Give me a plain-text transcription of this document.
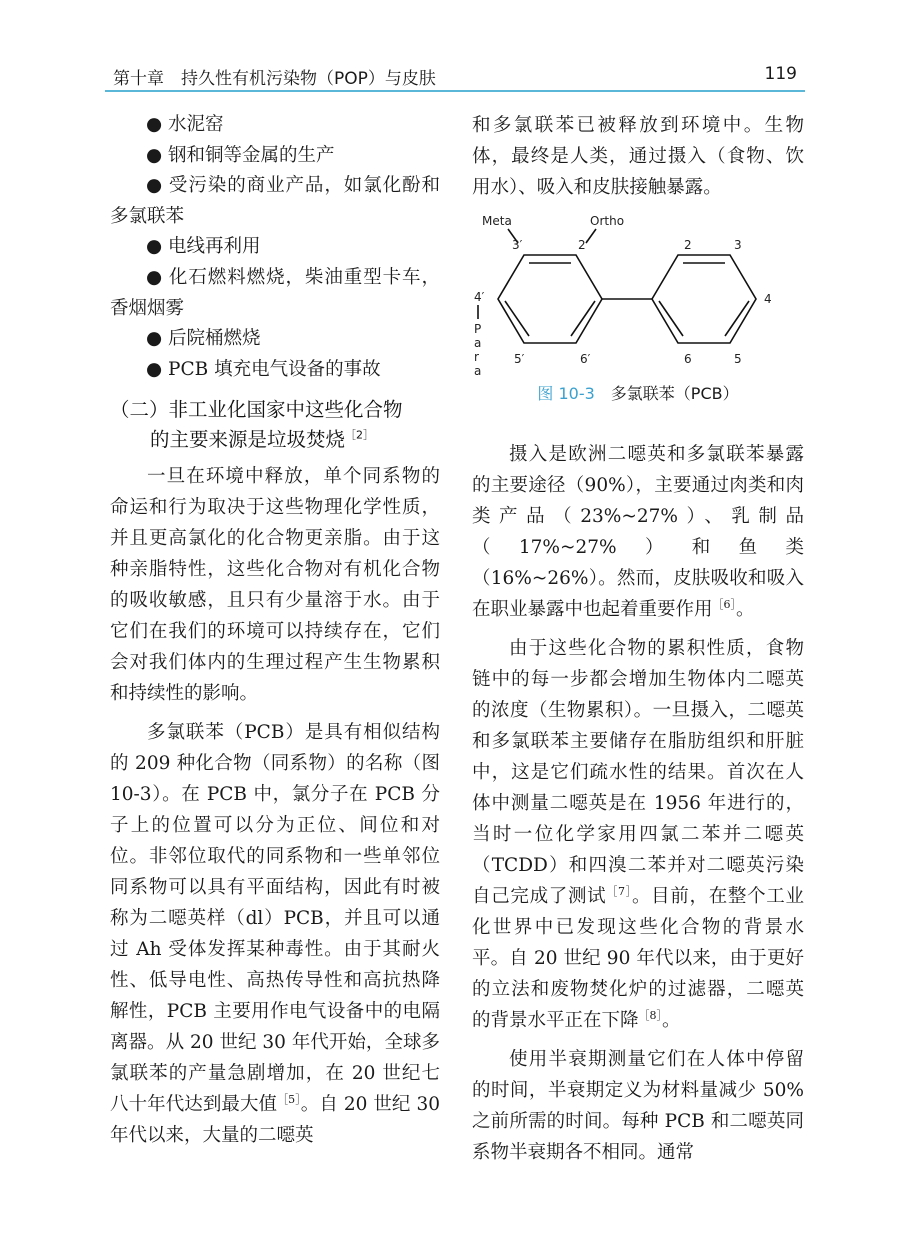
第十章　持久性有机污染物（POP）与皮肤	119
● 水泥窑
● 钢和铜等金属的生产
● 受污染的商业产品，如氯化酚和多氯联苯
● 电线再利用
● 化石燃料燃烧，柴油重型卡车，香烟烟雾
● 后院桶燃烧
● PCB 填充电气设备的事故
（二）非工业化国家中这些化合物
的主要来源是垃圾焚烧$^{[2]}$

一旦在环境中释放，单个同系物的命运和行为取决于这些物理化学性质，并且更高氯化的化合物更亲脂。由于这种亲脂特性，这些化合物对有机化合物的吸收敏感，且只有少量溶于水。由于它们在我们的环境可以持续存在，它们会对我们体内的生理过程产生生物累积和持续性的影响。

多氯联苯（PCB）是具有相似结构的 209 种化合物（同系物）的名称（图 10-3）。在 PCB 中，氯分子在 PCB 分子上的位置可以分为正位、间位和对位。非邻位取代的同系物和一些单邻位同系物可以具有平面结构，因此有时被称为二噁英样（dl）PCB，并且可以通过 Ah 受体发挥某种毒性。由于其耐火性、低导电性、高热传导性和高抗热降解性，PCB 主要用作电气设备中的电隔离器。从 20 世纪 30 年代开始，全球多氯联苯的产量急剧增加，在 20 世纪七八十年代达到最大值$^{[5]}$。自 20 世纪 30 年代以来，大量的二噁英

和多氯联苯已被释放到环境中。生物体，最终是人类，通过摄入（食物、饮用水）、吸入和皮肤接触暴露。

Meta	Ortho
3′	2′
4′
5′	6′
2	3
4
5
6
P
a
r
a
图 10-3 多氯联苯（PCB）

摄入是欧洲二噁英和多氯联苯暴露的主要途径（90%），主要通过肉类和肉类产品（23%~27%）、乳制品（17%~27%）和鱼类（16%~26%）。然而，皮肤吸收和吸入在职业暴露中也起着重要作用$^{[6]}$。

由于这些化合物的累积性质，食物链中的每一步都会增加生物体内二噁英的浓度（生物累积）。一旦摄入，二噁英和多氯联苯主要储存在脂肪组织和肝脏中，这是它们疏水性的结果。首次在人体中测量二噁英是在 1956 年进行的，当时一位化学家用四氯二苯并二噁英（TCDD）和四溴二苯并对二噁英污染自己完成了测试$^{[7]}$。目前，在整个工业化世界中已发现这些化合物的背景水平。自 20 世纪 90 年代以来，由于更好的立法和废物焚化炉的过滤器，二噁英的背景水平正在下降$^{[8]}$。

使用半衰期测量它们在人体中停留的时间，半衰期定义为材料量减少 50% 之前所需的时间。每种 PCB 和二噁英同系物半衰期各不相同。通常
